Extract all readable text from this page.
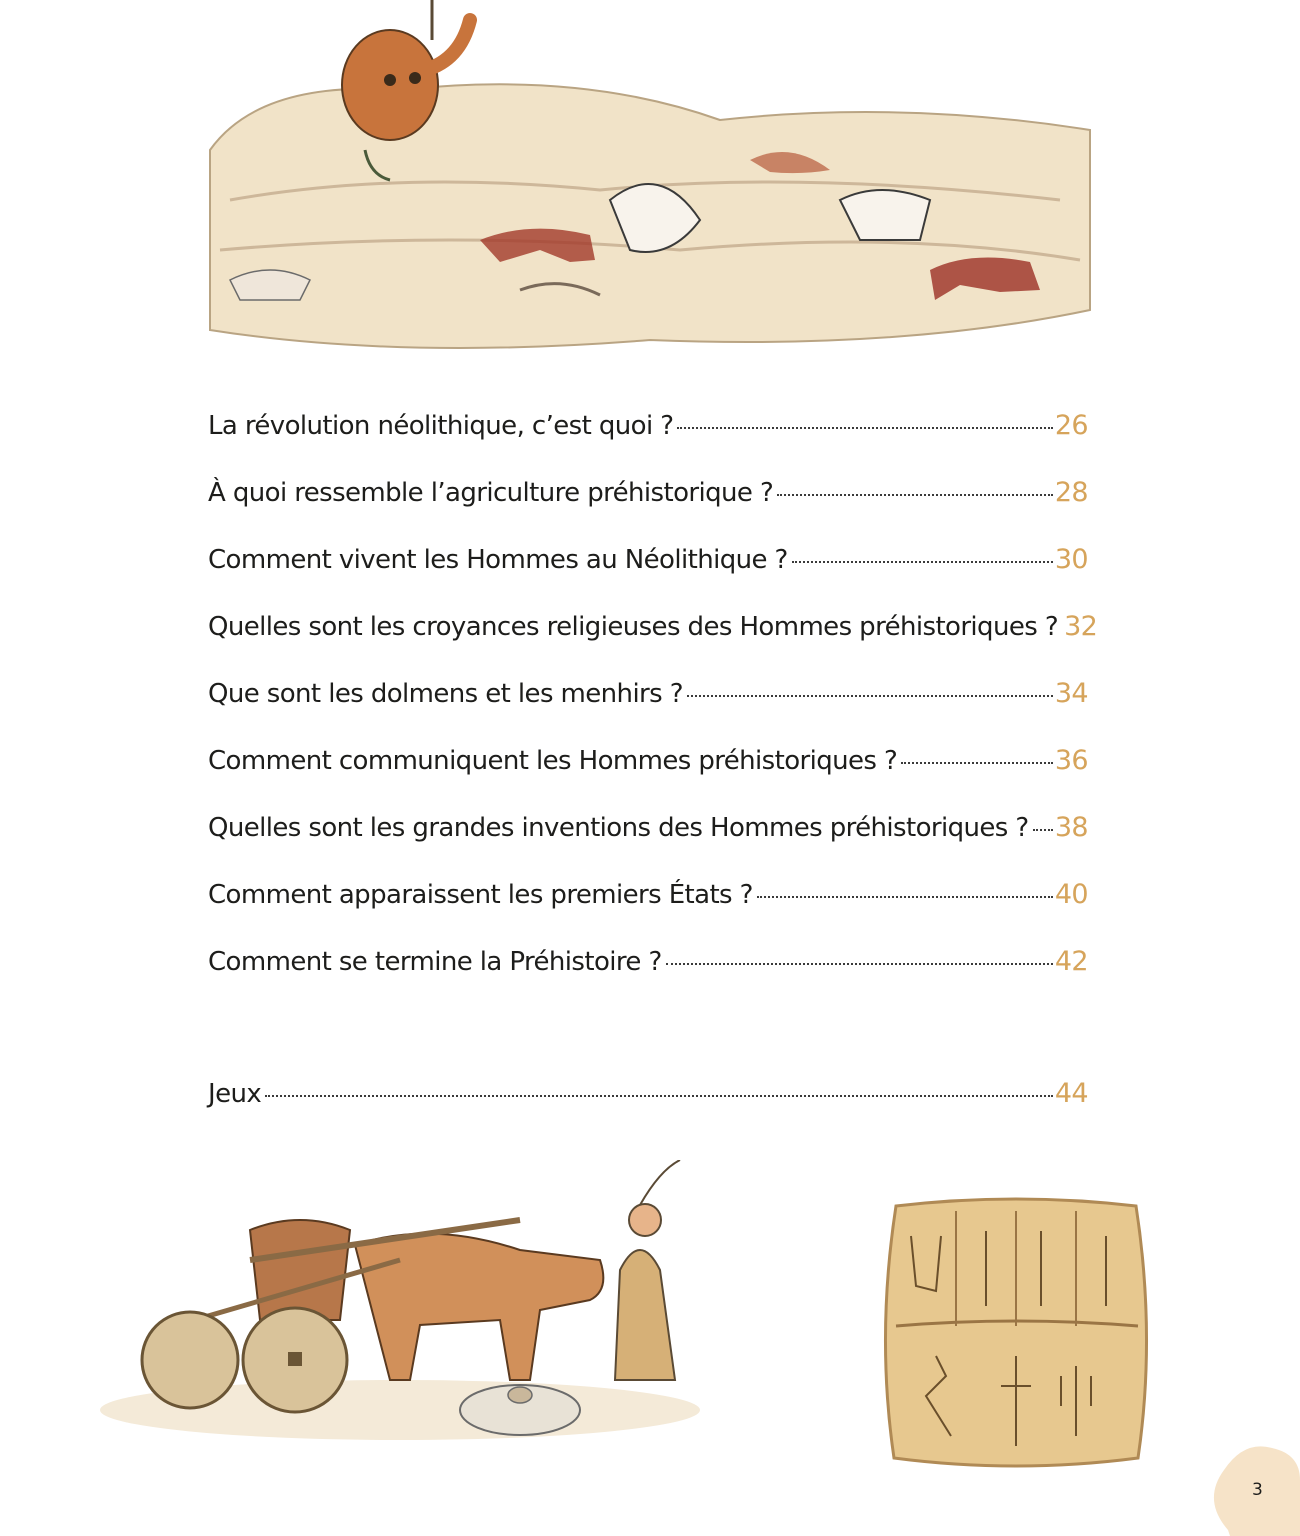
La révolution néolithique, c’est quoi ?	26
À quoi ressemble l’agriculture préhistorique ?	28
Comment vivent les Hommes au Néolithique ?	30
Quelles sont les croyances religieuses des Hommes préhistoriques ? 32
Que sont les dolmens et les menhirs ?	34
Comment communiquent les Hommes préhistoriques ?	36
Quelles sont les grandes inventions des Hommes préhistoriques ? 38
Comment apparaissent les premiers États ?	40
Comment se termine la Préhistoire ?	42
Jeux	44
3
